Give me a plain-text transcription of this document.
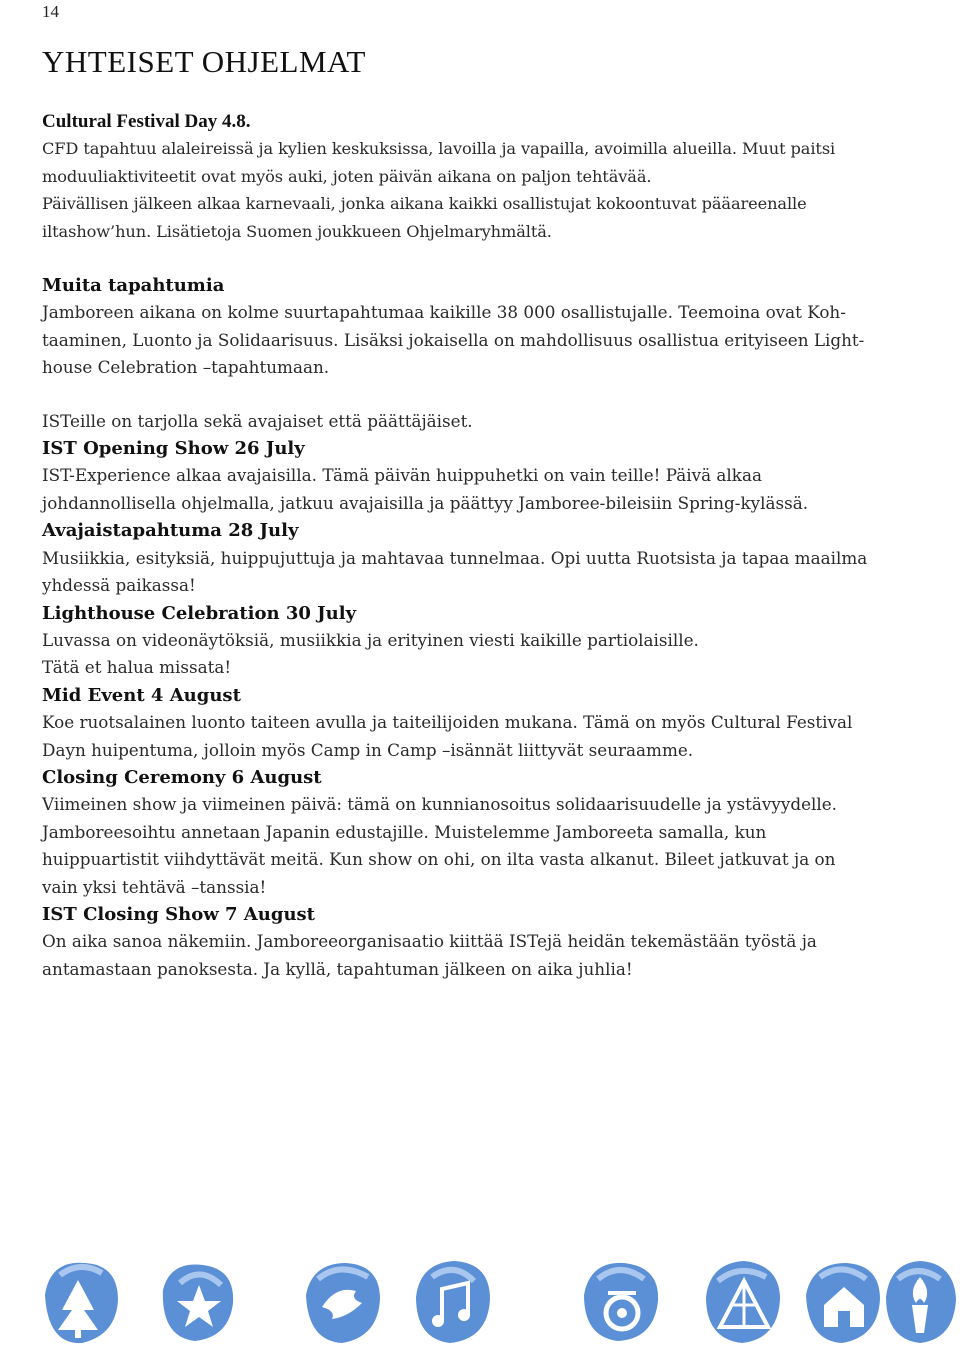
14
YHTEISET OHJELMAT
Cultural Festival Day 4.8.
CFD tapahtuu alaleireissä ja kylien keskuksissa, lavoilla ja vapailla, avoimilla alueilla. Muut paitsi
moduuliaktiviteetit ovat myös auki, joten päivän aikana on paljon tehtävää.
Päivällisen jälkeen alkaa karnevaali, jonka aikana kaikki osallistujat kokoontuvat pääareenalle
iltashow’hun. Lisätietoja Suomen joukkueen Ohjelmaryhmältä.
Muita tapahtumia
Jamboreen aikana on kolme suurtapahtumaa kaikille 38 000 osallistujalle. Teemoina ovat Koh-
taaminen, Luonto ja Solidaarisuus. Lisäksi jokaisella on mahdollisuus osallistua erityiseen Light-
house Celebration –tapahtumaan.
ISTeille on tarjolla sekä avajaiset että päättäjäiset.
IST Opening Show 26 July
IST-Experience alkaa avajaisilla. Tämä päivän huippuhetki on vain teille! Päivä alkaa
johdannollisella ohjelmalla, jatkuu avajaisilla ja päättyy Jamboree-bileisiin Spring-kylässä.
Avajaistapahtuma 28 July
Musiikkia, esityksiä, huippujuttuja ja mahtavaa tunnelmaa. Opi uutta Ruotsista ja tapaa maailma
yhdessä paikassa!
Lighthouse Celebration 30 July
Luvassa on videonäytöksiä, musiikkia ja erityinen viesti kaikille partiolaisille.
Tätä et halua missata!
Mid Event 4 August
Koe ruotsalainen luonto taiteen avulla ja taiteilijoiden mukana. Tämä on myös Cultural Festival
Dayn huipentuma, jolloin myös Camp in Camp –isännät liittyvät seuraamme.
Closing Ceremony 6 August
Viimeinen show ja viimeinen päivä: tämä on kunnianosoitus solidaarisuudelle ja ystävyydelle.
Jamboreesoihtu annetaan Japanin edustajille. Muistelemme Jamboreeta samalla, kun
huippuartistit viihdyttävät meitä. Kun show on ohi, on ilta vasta alkanut. Bileet jatkuvat ja on
vain yksi tehtävä –tanssia!
IST Closing Show 7 August
On aika sanoa näkemiin. Jamboreeorganisaatio kiittää ISTejä heidän tekemästään työstä ja
antamastaan panoksesta. Ja kyllä, tapahtuman jälkeen on aika juhlia!
